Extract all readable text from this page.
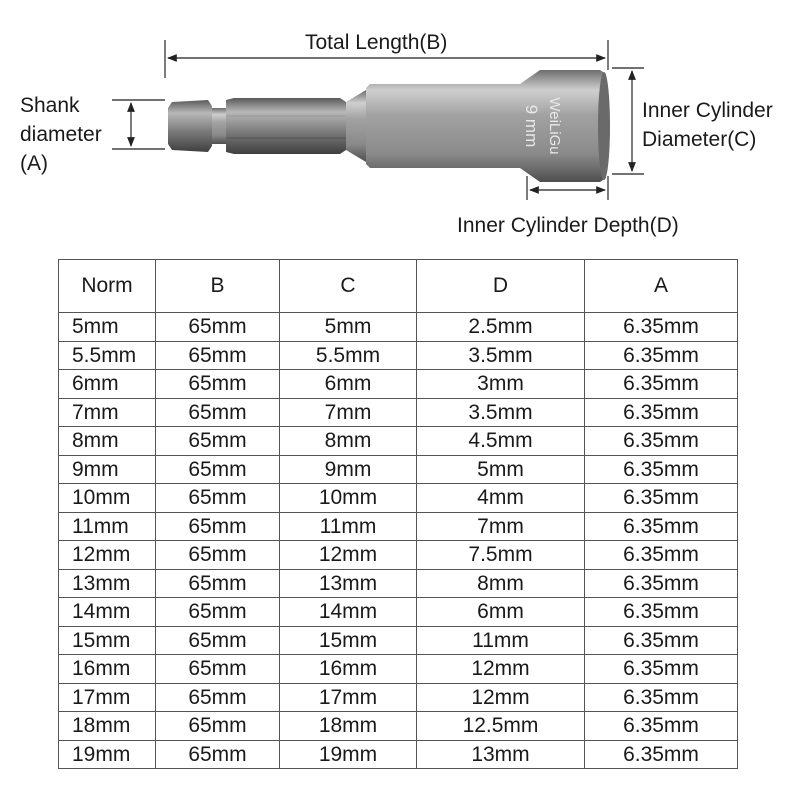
WeiLiGu
9 mm
Total Length(B)
Shank
diameter
(A)
Inner Cylinder
Diameter(C)
Inner Cylinder Depth(D)
Norm	B	C	D	A
5mm	65mm	5mm	2.5mm	6.35mm
5.5mm	65mm	5.5mm	3.5mm	6.35mm
6mm	65mm	6mm	3mm	6.35mm
7mm	65mm	7mm	3.5mm	6.35mm
8mm	65mm	8mm	4.5mm	6.35mm
9mm	65mm	9mm	5mm	6.35mm
10mm	65mm	10mm	4mm	6.35mm
11mm	65mm	11mm	7mm	6.35mm
12mm	65mm	12mm	7.5mm	6.35mm
13mm	65mm	13mm	8mm	6.35mm
14mm	65mm	14mm	6mm	6.35mm
15mm	65mm	15mm	11mm	6.35mm
16mm	65mm	16mm	12mm	6.35mm
17mm	65mm	17mm	12mm	6.35mm
18mm	65mm	18mm	12.5mm	6.35mm
19mm	65mm	19mm	13mm	6.35mm
